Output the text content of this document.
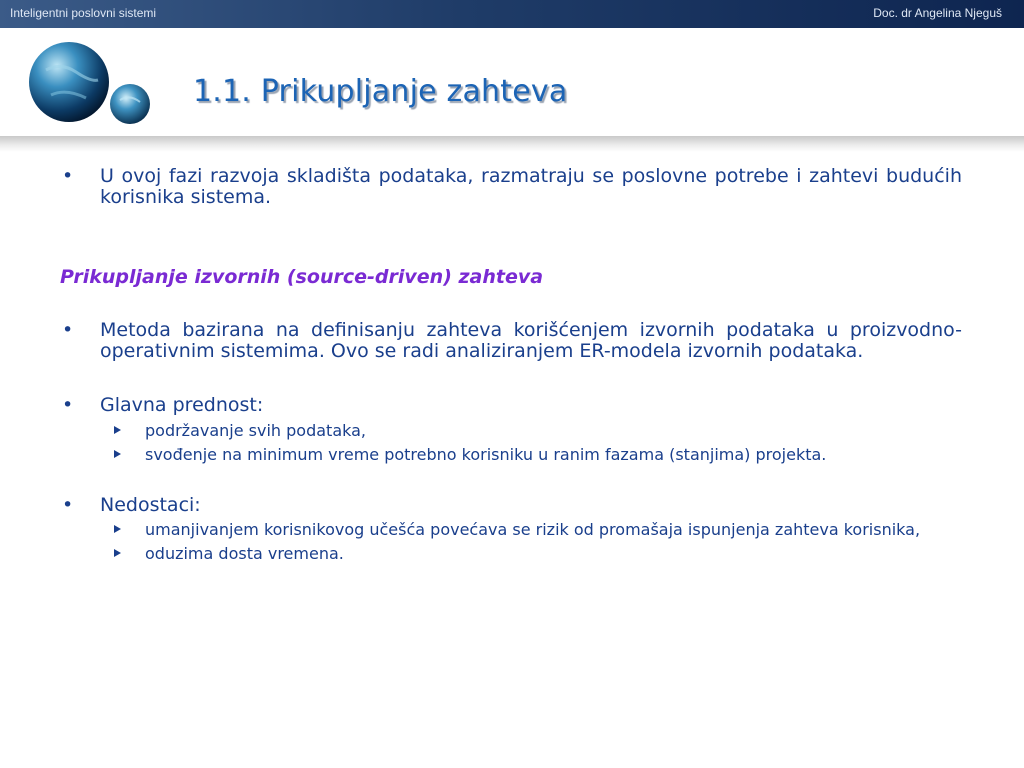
Inteligentni poslovni sistemi	Doc. dr Angelina Njeguš
1.1. Prikupljanje zahteva
• U ovoj fazi razvoja skladišta podataka, razmatraju se poslovne potrebe i zahtevi budućih korisnika sistema.
Prikupljanje izvornih (source-driven) zahteva
• Metoda bazirana na definisanju zahteva korišćenjem izvornih podataka u proizvodno-operativnim sistemima. Ovo se radi analiziranjem ER-modela izvornih podataka.
• Glavna prednost:
podržavanje svih podataka,
svođenje na minimum vreme potrebno korisniku u ranim fazama (stanjima) projekta.
• Nedostaci:
umanjivanjem korisnikovog učešća povećava se rizik od promašaja ispunjenja zahteva korisnika,
oduzima dosta vremena.
